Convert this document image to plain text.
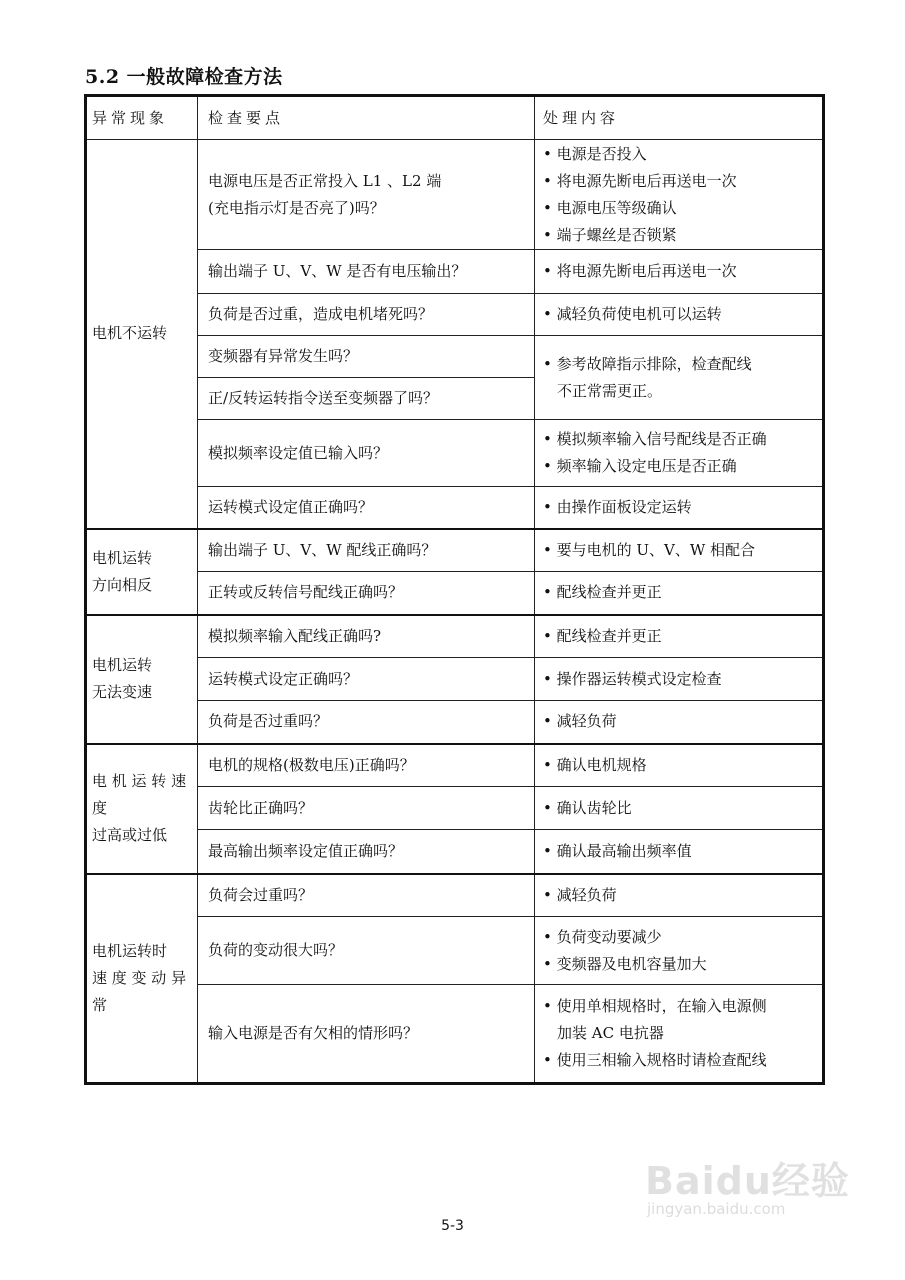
5.2 一般故障检查方法
异常现象	检查要点	处理内容

电机不运转	电源电压是否正常投入 L1 、L2 端
(充电指示灯是否亮了)吗？	• 电源是否投入
• 将电源先断电后再送电一次
• 电源电压等级确认
• 端子螺丝是否锁紧

	输出端子 U、V、W 是否有电压输出？	• 将电源先断电后再送电一次
	负荷是否过重，造成电机堵死吗？	• 减轻负荷使电机可以运转
	变频器有异常发生吗？	• 参考故障指示排除，检查配线
不正常需更正。

	正/反转运转指令送至变频器了吗？	
	模拟频率设定值已输入吗？	• 模拟频率输入信号配线是否正确
• 频率输入设定电压是否正确

	运转模式设定值正确吗？	• 由操作面板设定运转

电机运转
方向相反	输出端子 U、V、W 配线正确吗？	• 要与电机的 U、V、W 相配合
	正转或反转信号配线正确吗？	• 配线检查并更正

电机运转
无法变速	模拟频率输入配线正确吗?	• 配线检查并更正
	运转模式设定正确吗？	• 操作器运转模式设定检查
	负荷是否过重吗？	• 减轻负荷

电 机 运 转 速
度
过高或过低	电机的规格(极数电压)正确吗？	• 确认电机规格
	齿轮比正确吗？	• 确认齿轮比
	最高输出频率设定值正确吗？	• 确认最高输出频率值

电机运转时
速 度 变 动 异
常	负荷会过重吗？	• 减轻负荷
	负荷的变动很大吗？	• 负荷变动要减少
• 变频器及电机容量加大

	输入电源是否有欠相的情形吗？	• 使用单相规格时，在输入电源侧
加装 AC 电抗器
• 使用三相输入规格时请检查配线
Baidu经验
jingyan.baidu.com
5-3
